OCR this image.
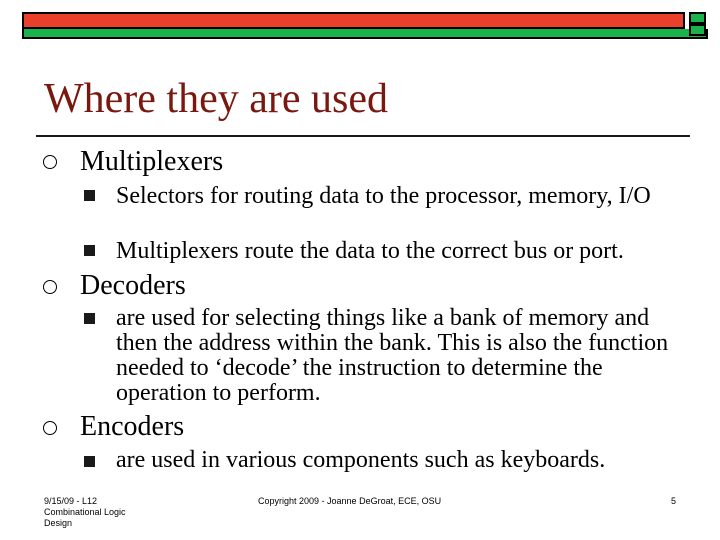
Where they are used
Multiplexers
Selectors for routing data to the processor, memory, I/O
Multiplexers route the data to the correct bus or port.
Decoders
are used for selecting things like a bank of memory and then the address within the bank. This is also the function needed to ‘decode’ the instruction to determine the operation to perform.
Encoders
are used in various components such as keyboards.
9/15/09 - L12 Combinational Logic Design
Copyright 2009 - Joanne DeGroat, ECE, OSU	5
